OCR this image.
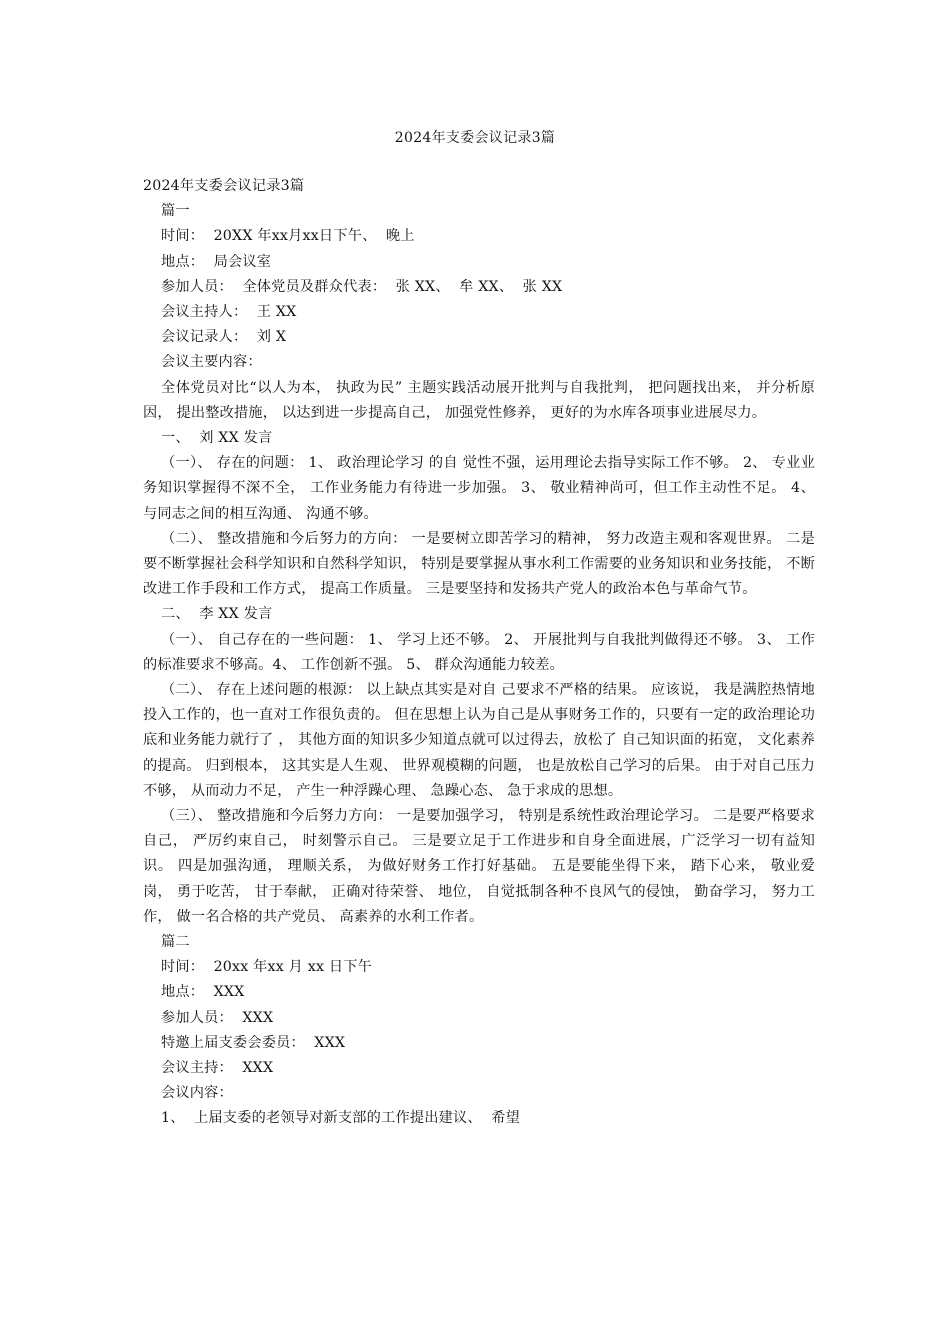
2024年支委会议记录3篇
2024年支委会议记录3篇
篇一
时间：  20XX 年xx月xx日下午、  晚上
地点：  局会议室
参加人员：  全体党员及群众代表：  张 XX、  牟 XX、  张 XX
会议主持人：  王 XX
会议记录人：  刘 X
会议主要内容：
全体党员对比“以人为本， 执政为民” 主题实践活动展开批判与自我批判， 把问题找出来， 并分析原因， 提出整改措施， 以达到进一步提高自己， 加强党性修养， 更好的为水库各项事业进展尽力。
一、  刘 XX 发言
（一）、 存在的问题： 1、 政治理论学习 的自 觉性不强，运用理论去指导实际工作不够。 2、 专业业务知识掌握得不深不全， 工作业务能力有待进一步加强。 3、 敬业精神尚可，但工作主动性不足。 4、 与同志之间的相互沟通、 沟通不够。
（二）、 整改措施和今后努力的方向： 一是要树立即苦学习的精神， 努力改造主观和客观世界。 二是要不断掌握社会科学知识和自然科学知识， 特别是要掌握从事水利工作需要的业务知识和业务技能， 不断改进工作手段和工作方式， 提高工作质量。 三是要坚持和发扬共产党人的政治本色与革命气节。
二、  李 XX 发言
（一）、 自己存在的一些问题： 1、 学习上还不够。 2、 开展批判与自我批判做得还不够。 3、 工作的标准要求不够高。4、 工作创新不强。 5、 群众沟通能力较差。
（二）、 存在上述问题的根源： 以上缺点其实是对自 己要求不严格的结果。 应该说， 我是满腔热情地投入工作的，也一直对工作很负责的。 但在思想上认为自己是从事财务工作的，只要有一定的政治理论功底和业务能力就行了 ， 其他方面的知识多少知道点就可以过得去，放松了 自己知识面的拓宽， 文化素养的提高。 归到根本， 这其实是人生观、 世界观模糊的问题， 也是放松自己学习的后果。 由于对自己压力不够， 从而动力不足， 产生一种浮躁心理、 急躁心态、 急于求成的思想。
（三）、 整改措施和今后努力方向： 一是要加强学习， 特别是系统性政治理论学习。 二是要严格要求自己， 严厉约束自己， 时刻警示自己。 三是要立足于工作进步和自身全面进展，广泛学习一切有益知识。 四是加强沟通， 理顺关系， 为做好财务工作打好基础。 五是要能坐得下来， 踏下心来， 敬业爱岗， 勇于吃苦， 甘于奉献， 正确对待荣誉、 地位， 自觉抵制各种不良风气的侵蚀， 勤奋学习， 努力工作， 做一名合格的共产党员、 高素养的水利工作者。
篇二
时间：  20xx 年xx 月 xx 日下午
地点：  XXX
参加人员：  XXX
特邀上届支委会委员：  XXX
会议主持：  XXX
会议内容：
1、  上届支委的老领导对新支部的工作提出建议、  希望
